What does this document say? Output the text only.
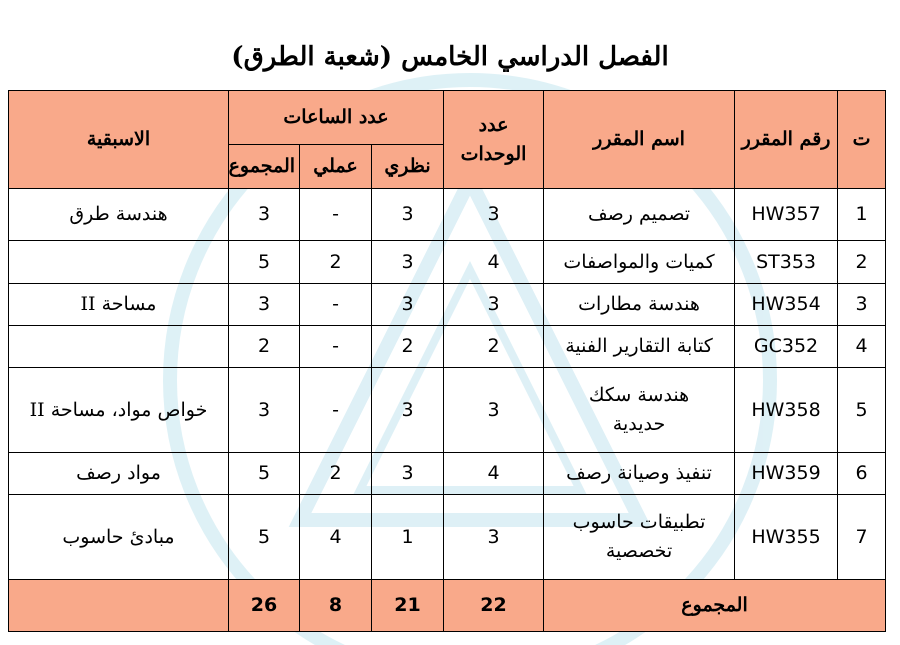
الفصل الدراسي الخامس (شعبة الطرق)
ت	رقم المقرر	اسم المقرر	عدد الوحدات	عدد الساعات			الاسبقية
				نظري	عملي	المجموع	
1	HW357	تصميم رصف	3	3	-	3	هندسة طرق
2	ST353	كميات والمواصفات	4	3	2	5	
3	HW354	هندسة مطارات	3	3	-	3	مساحة II
4	GC352	كتابة التقارير الفنية	2	2	-	2	
5	HW358	هندسة سكك حديدية	3	3	-	3	خواص مواد، مساحة II
6	HW359	تنفيذ وصيانة رصف	4	3	2	5	مواد رصف
7	HW355	تطبيقات حاسوب تخصصية	3	1	4	5	مبادئ حاسوب
المجموع			22	21	8	26	
